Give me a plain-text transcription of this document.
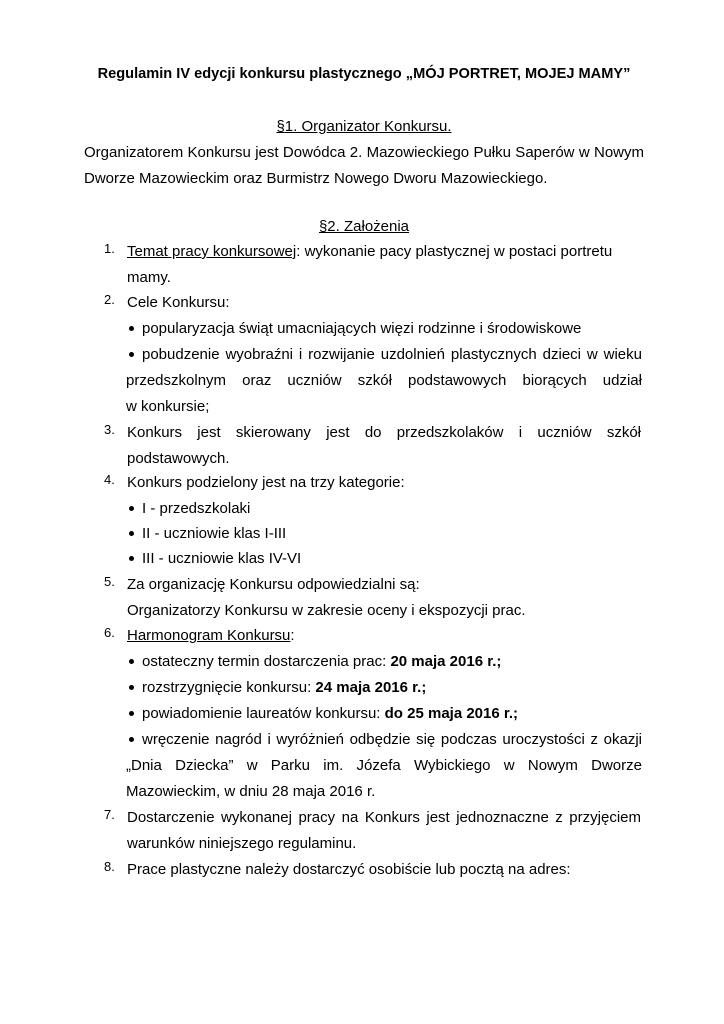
Regulamin IV edycji konkursu plastycznego „MÓJ PORTRET, MOJEJ MAMY”
§1. Organizator Konkursu.
Organizatorem Konkursu jest Dowódca 2. Mazowieckiego Pułku Saperów w Nowym
Dworze Mazowieckim oraz Burmistrz Nowego Dworu Mazowieckiego.
§2. Założenia
1. Temat pracy konkursowej: wykonanie pacy plastycznej w postaci portretu
mamy.
2. Cele Konkursu:
popularyzacja świąt umacniających więzi rodzinne i środowiskowe
pobudzenie wyobraźni i rozwijanie uzdolnień plastycznych dzieci w wieku
przedszkolnym oraz uczniów szkół podstawowych biorących udział
w konkursie;
3. Konkurs jest skierowany jest do przedszkolaków i uczniów szkół
podstawowych.
4. Konkurs podzielony jest na trzy kategorie:
I - przedszkolaki
II - uczniowie klas I-III
III - uczniowie klas IV-VI
5. Za organizację Konkursu odpowiedzialni są:
Organizatorzy Konkursu w zakresie oceny i ekspozycji prac.
6. Harmonogram Konkursu:
ostateczny termin dostarczenia prac: 20 maja 2016 r.;
rozstrzygnięcie konkursu: 24 maja 2016 r.;
powiadomienie laureatów konkursu: do 25 maja 2016 r.;
wręczenie nagród i wyróżnień odbędzie się podczas uroczystości z okazji
„Dnia Dziecka” w Parku im. Józefa Wybickiego w Nowym Dworze
Mazowieckim, w dniu 28 maja 2016 r.
7. Dostarczenie wykonanej pracy na Konkurs jest jednoznaczne z przyjęciem
warunków niniejszego regulaminu.
8. Prace plastyczne należy dostarczyć osobiście lub pocztą na adres:
